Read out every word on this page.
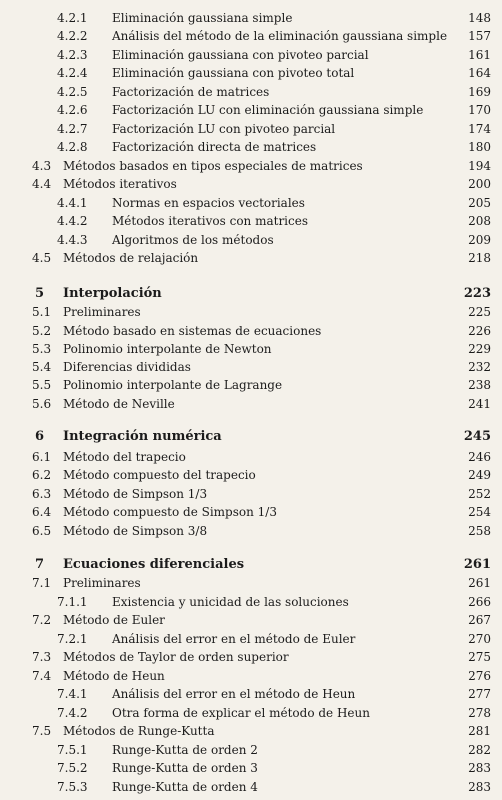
4.2.1 Eliminación gaussiana simple	148
4.2.2 Análisis del método de la eliminación gaussiana simple 157
4.2.3 Eliminación gaussiana con pivoteo parcial	161
4.2.4 Eliminación gaussiana con pivoteo total	164
4.2.5 Factorización de matrices	169
4.2.6 Factorización LU con eliminación gaussiana simple	170
4.2.7 Factorización LU con pivoteo parcial	174
4.2.8 Factorización directa de matrices	180
4.3 Métodos basados en tipos especiales de matrices	194
4.4 Métodos iterativos	200
4.4.1 Normas en espacios vectoriales	205
4.4.2 Métodos iterativos con matrices	208
4.4.3 Algoritmos de los métodos	209
4.5 Métodos de relajación	218
5 Interpolación	223
5.1 Preliminares	225
5.2 Método basado en sistemas de ecuaciones	226
5.3 Polinomio interpolante de Newton	229
5.4 Diferencias divididas	232
5.5 Polinomio interpolante de Lagrange	238
5.6 Método de Neville	241
6 Integración numérica	245
6.1 Método del trapecio	246
6.2 Método compuesto del trapecio	249
6.3 Método de Simpson 1/3	252
6.4 Método compuesto de Simpson 1/3	254
6.5 Método de Simpson 3/8	258
7 Ecuaciones diferenciales	261
7.1 Preliminares	261
7.1.1 Existencia y unicidad de las soluciones	266
7.2 Método de Euler	267
7.2.1 Análisis del error en el método de Euler	270
7.3 Métodos de Taylor de orden superior	275
7.4 Método de Heun	276
7.4.1 Análisis del error en el método de Heun	277
7.4.2 Otra forma de explicar el método de Heun	278
7.5 Métodos de Runge-Kutta	281
7.5.1 Runge-Kutta de orden 2	282
7.5.2 Runge-Kutta de orden 3	283
7.5.3 Runge-Kutta de orden 4	283
